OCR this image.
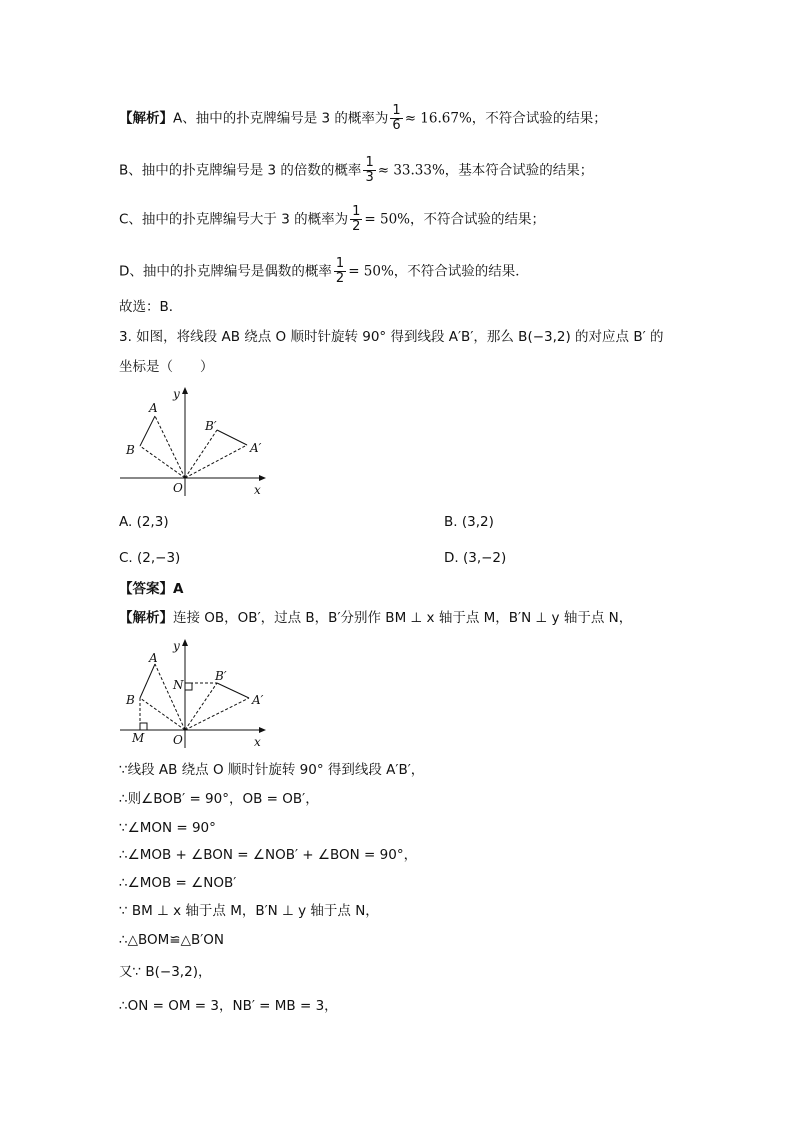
【解析】A、抽中的扑克牌编号是 3 的概率为 $\frac{1}{6} \approx 16.67\%$，不符合试验的结果；
B、抽中的扑克牌编号是 3 的倍数的概率 $\frac{1}{3} \approx 33.33\%$，基本符合试验的结果；
C、抽中的扑克牌编号大于 3 的概率为 $\frac{1}{2} = 50\%$，不符合试验的结果；
D、抽中的扑克牌编号是偶数的概率 $\frac{1}{2} = 50\%$，不符合试验的结果．
故选：B．
3. 如图，将线段 AB 绕点 O 顺时针旋转 90° 得到线段 A′B′，那么 B(−3,2) 的对应点 B′ 的
坐标是（　　）
A
B
B′
A′
O	x
y
A. (2,3)	B. (3,2)
C. (2,−3)	D. (3,−2)
【答案】A
【解析】连接 OB，OB′，过点 B，B′分别作 BM ⊥ x 轴于点 M，B′N ⊥ y 轴于点 N，
A
B
B′
A′
O	x
y
M
N
∵线段 AB 绕点 O 顺时针旋转 90° 得到线段 A′B′，
∴则∠BOB′ = 90°，OB = OB′，
∵∠MON = 90°
∴∠MOB + ∠BON = ∠NOB′ + ∠BON = 90°，
∴∠MOB = ∠NOB′
∵ BM ⊥ x 轴于点 M，B′N ⊥ y 轴于点 N，
∴△BOM≌△B′ON
又∵ B(−3,2)，
∴ON = OM = 3，NB′ = MB = 3，
